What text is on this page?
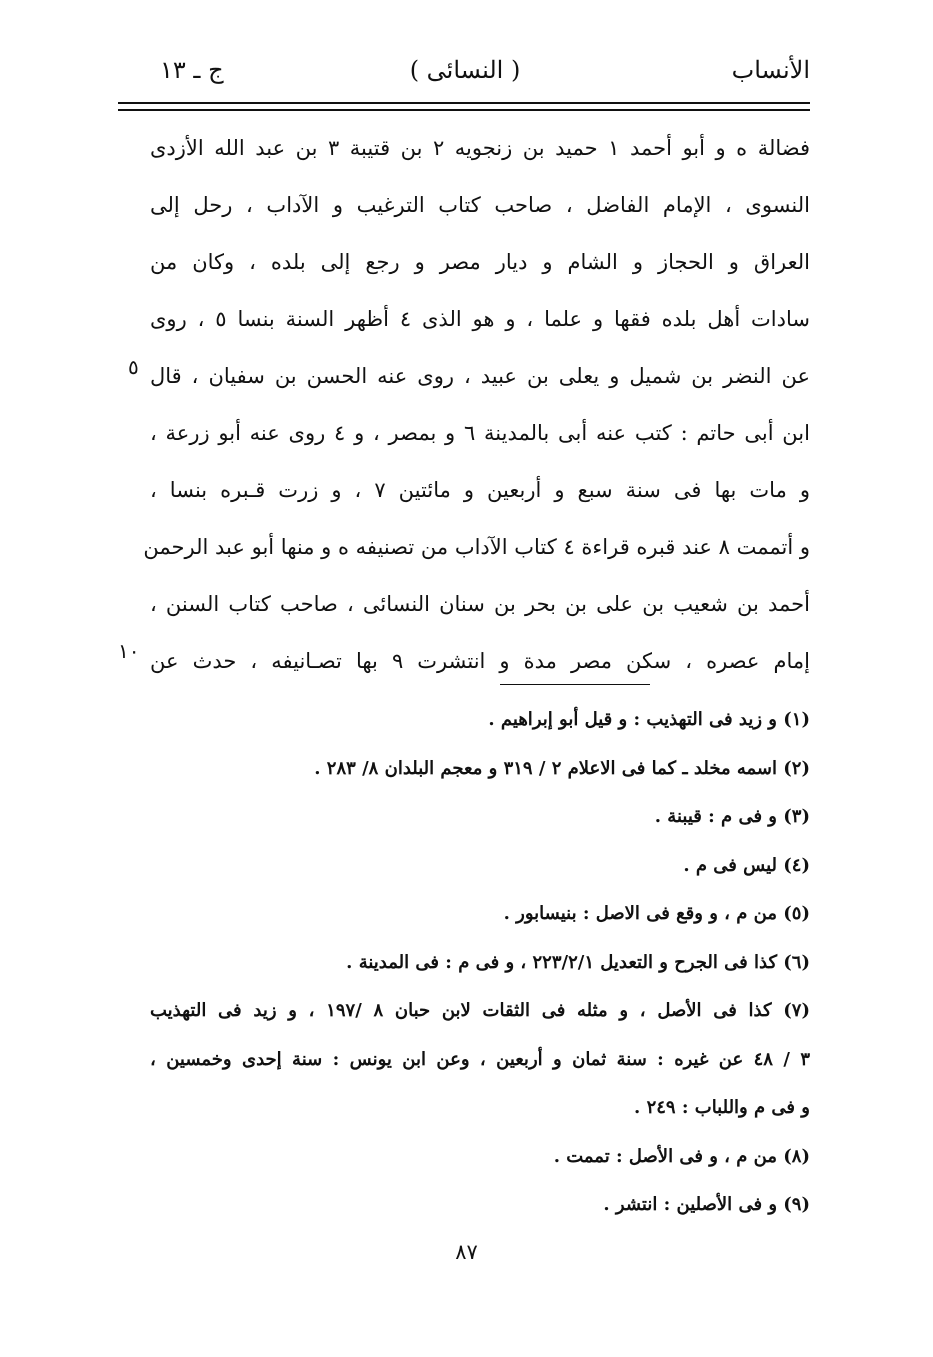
الأنساب
( النسائى )
ج ـ ١٣
فضالة ه و أبو أحمد ١ حميد بن زنجويه ٢ بن قتيبة ٣ بن عبد الله الأزدى
النسوى ، الإمام الفاضل ، صاحب كتاب الترغيب و الآداب ، رحل إلى
العراق و الحجاز و الشام و ديار مصر و رجع إلى بلده ، وكان من
سادات أهل بلده فقها و علما ، و هو الذى ٤ أظهر السنة بنسا ٥ ، روى
عن النضر بن شميل و يعلى بن عبيد ، روى عنه الحسن بن سفيان ، قال
ابن أبى حاتم : كتب عنه أبى بالمدينة ٦ و بمصر ، و ٤ روى عنه أبو زرعة ،
و مات بها فى سنة سبع و أربعين و مائتين ٧ ، و زرت قـبره بنسا ،
و أتممت ٨ عند قبره قراءة ٤ كتاب الآداب من تصنيفه ه و منها أبو عبد الرحمن
أحمد بن شعيب بن على بن بحر بن سنان النسائى ، صاحب كتاب السنن ،
إمام عصره ، سكن مصر مدة و انتشرت ٩ بها تصـانيفه ، حدث عن
٥
١٠
(١) و زيد فى التهذيب : و قيل أبو إبراهيم .
(٢) اسمه مخلد ـ كما فى الاعلام ٢ / ٣١٩ و معجم البلدان ٨/ ٢٨٣ .
(٣) و فى م : قيبنة .
(٤) ليس فى م .
(٥) من م ، و وقع فى الاصل : بنيسابور .
(٦) كذا فى الجرح و التعديل ٢٢٣/٢/١ ، و فى م : فى المدينة .
(٧) كذا فى الأصل ، و مثله فى الثقات لابن حبان ٨ /١٩٧ ، و زيد فى التهذيب
٣ / ٤٨ عن غيره : سنة ثمان و أربعين ، وعن ابن يونس : سنة إحدى وخمسين ،
و فى م واللباب : ٢٤٩ .
(٨) من م ، و فى الأصل : تممت .
(٩) و فى الأصلين : انتشر .
٨٧
